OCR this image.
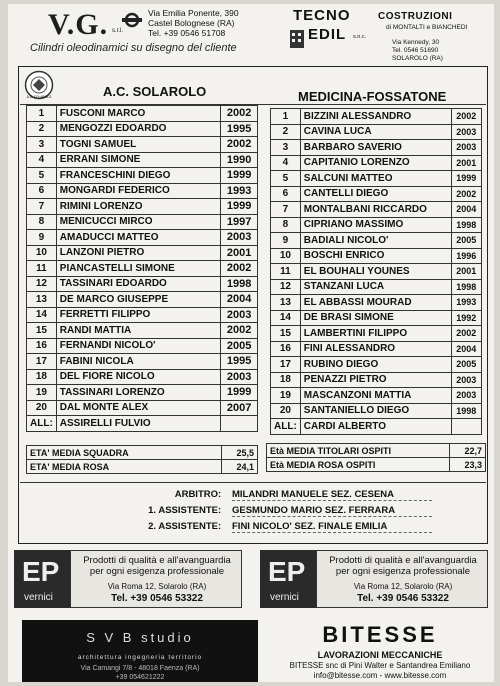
V.G. s.r.l.
Via Emilia Ponente, 390
Castel Bolognese (RA)
Tel. +39 0546 51708
Cilindri oleodinamici su disegno del cliente
TECNO
EDIL s.n.c.
COSTRUZIONI
di MONTALTI e BIANCHEDI
Via Kennedy, 30
Tel. 0546 51690
SOLAROLO (RA)
A.C. SOLAROLO	A.C. SOLAROLO	MEDICINA-FOSSATONE
1	FUSCONI MARCO	2002
2	MENGOZZI EDOARDO	1995
3	TOGNI SAMUEL	2002
4	ERRANI SIMONE	1990
5	FRANCESCHINI DIEGO	1999
6	MONGARDI FEDERICO	1993
7	RIMINI LORENZO	1999
8	MENICUCCI MIRCO	1997
9	AMADUCCI MATTEO	2003
10	LANZONI PIETRO	2001
11	PIANCASTELLI SIMONE	2002
12	TASSINARI EDOARDO	1998
13	DE MARCO GIUSEPPE	2004
14	FERRETTI FILIPPO	2003
15	RANDI MATTIA	2002
16	FERNANDI NICOLO'	2005
17	FABINI NICOLA	1995
18	DEL FIORE NICOLO	2003
19	TASSINARI LORENZO	1999
20	DAL MONTE ALEX	2007
ALL:	ASSIRELLI FULVIO	
1	BIZZINI ALESSANDRO	2002
2	CAVINA LUCA	2003
3	BARBARO SAVERIO	2003
4	CAPITANIO LORENZO	2001
5	SALCUNI MATTEO	1999
6	CANTELLI DIEGO	2002
7	MONTALBANI RICCARDO	2004
8	CIPRIANO MASSIMO	1998
9	BADIALI NICOLO'	2005
10	BOSCHI ENRICO	1996
11	EL BOUHALI YOUNES	2001
12	STANZANI LUCA	1998
13	EL ABBASSI MOURAD	1993
14	DE BRASI SIMONE	1992
15	LAMBERTINI FILIPPO	2002
16	FINI ALESSANDRO	2004
17	RUBINO DIEGO	2005
18	PENAZZI PIETRO	2003
19	MASCANZONI MATTIA	2003
20	SANTANIELLO DIEGO	1998
ALL:	CARDI ALBERTO	
ETA' MEDIA SQUADRA	25,5
ETA' MEDIA ROSA	24,1
Età MEDIA TITOLARI OSPITI	22,7
Età MEDIA ROSA OSPITI	23,3
ARBITRO : MILANDRI MANUELE SEZ. CESENA
1. ASSISTENTE : GESMUNDO MARIO SEZ. FERRARA
2. ASSISTENTE : FINI NICOLO' SEZ. FINALE EMILIA
EP
vernici
Prodotti di qualità e all'avanguardia
per ogni esigenza professionale
Via Roma 12, Solarolo (RA)
Tel. +39 0546 53322
EP
vernici
Prodotti di qualità e all'avanguardia
per ogni esigenza professionale
Via Roma 12, Solarolo (RA)
Tel. +39 0546 53322
S V B studio
architettura ingegneria territorio
Via Camangi 7/8 - 48018 Faenza (RA)
+39 054621222
BITESSE
LAVORAZIONI MECCANICHE
BITESSE snc di Pini Walter e Santandrea Emiliano
info@bitesse.com - www.bitesse.com
